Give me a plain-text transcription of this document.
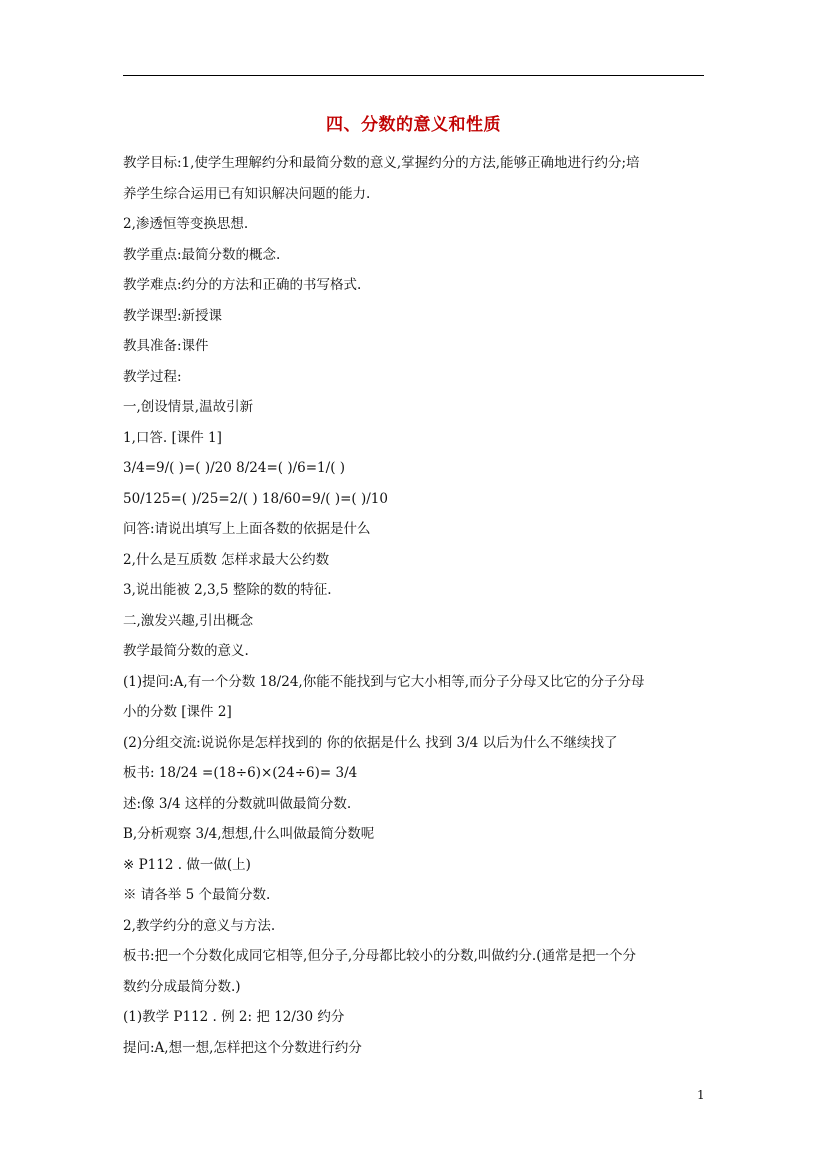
四、分数的意义和性质
教学目标:1,使学生理解约分和最简分数的意义,掌握约分的方法,能够正确地进行约分;培
养学生综合运用已有知识解决问题的能力.
2,渗透恒等变换思想.
教学重点:最简分数的概念.
教学难点:约分的方法和正确的书写格式.
教学课型:新授课
教具准备:课件
教学过程:
一,创设情景,温故引新
1,口答. [课件 1]
3/4=9/( )=( )/20 8/24=( )/6=1/( )
50/125=( )/25=2/( ) 18/60=9/( )=( )/10
问答:请说出填写上上面各数的依据是什么
2,什么是互质数 怎样求最大公约数
3,说出能被 2,3,5 整除的数的特征.
二,激发兴趣,引出概念
教学最简分数的意义.
(1)提问:A,有一个分数 18/24,你能不能找到与它大小相等,而分子分母又比它的分子分母
小的分数 [课件 2]
(2)分组交流:说说你是怎样找到的 你的依据是什么 找到 3/4 以后为什么不继续找了
板书: 18/24 =(18÷6)×(24÷6)= 3/4
述:像 3/4 这样的分数就叫做最简分数.
B,分析观察 3/4,想想,什么叫做最简分数呢
※ P112 . 做一做(上)
※ 请各举 5 个最简分数.
2,教学约分的意义与方法.
板书:把一个分数化成同它相等,但分子,分母都比较小的分数,叫做约分.(通常是把一个分
数约分成最简分数.)
(1)教学 P112 . 例 2: 把 12/30 约分
提问:A,想一想,怎样把这个分数进行约分
1
